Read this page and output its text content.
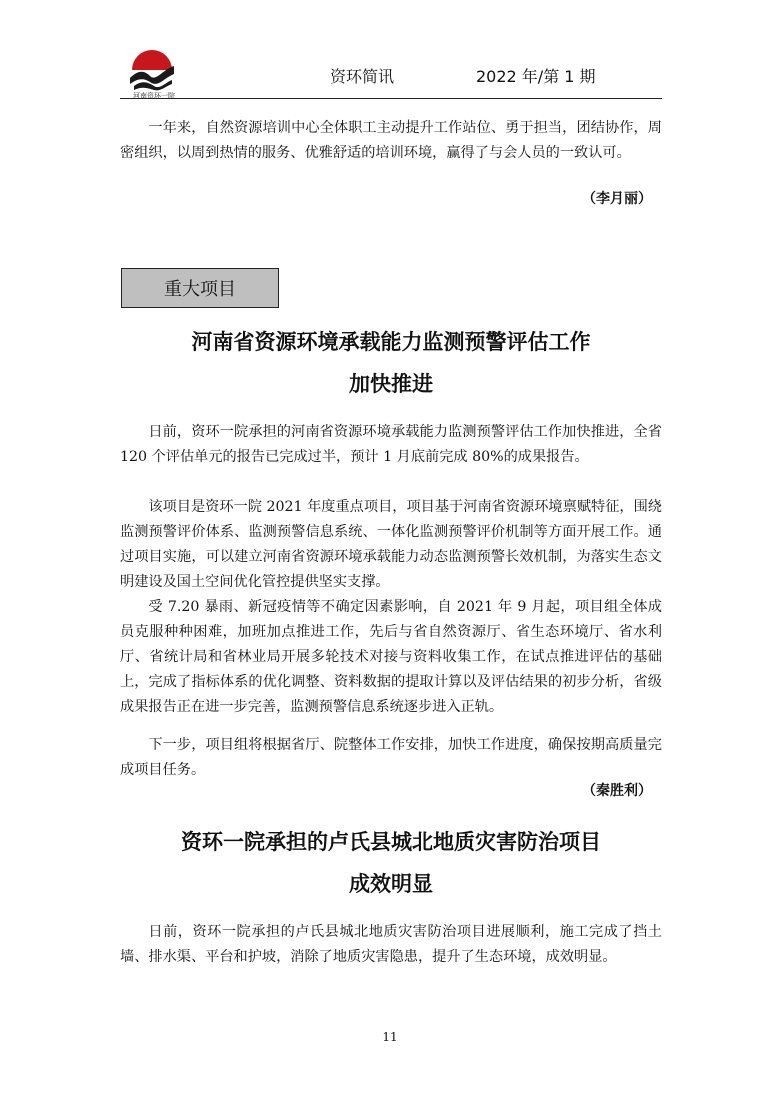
河南资环一院
资环简讯	2022 年/第 1 期

一年来，自然资源培训中心全体职工主动提升工作站位、勇于担当，团结协作，周密组织，以周到热情的服务、优雅舒适的培训环境，赢得了与会人员的一致认可。

（李月丽）
重大项目
河南省资源环境承载能力监测预警评估工作
加快推进

日前，资环一院承担的河南省资源环境承载能力监测预警评估工作加快推进，全省 120 个评估单元的报告已完成过半，预计 1 月底前完成 80%的成果报告。

该项目是资环一院 2021 年度重点项目，项目基于河南省资源环境禀赋特征，围绕监测预警评价体系、监测预警信息系统、一体化监测预警评价机制等方面开展工作。通过项目实施，可以建立河南省资源环境承载能力动态监测预警长效机制，为落实生态文明建设及国土空间优化管控提供坚实支撑。

受 7.20 暴雨、新冠疫情等不确定因素影响，自 2021 年 9 月起，项目组全体成员克服种种困难，加班加点推进工作，先后与省自然资源厅、省生态环境厅、省水利厅、省统计局和省林业局开展多轮技术对接与资料收集工作，在试点推进评估的基础上，完成了指标体系的优化调整、资料数据的提取计算以及评估结果的初步分析，省级成果报告正在进一步完善，监测预警信息系统逐步进入正轨。

下一步，项目组将根据省厅、院整体工作安排，加快工作进度，确保按期高质量完成项目任务。

（秦胜利）
资环一院承担的卢氏县城北地质灾害防治项目
成效明显

日前，资环一院承担的卢氏县城北地质灾害防治项目进展顺利，施工完成了挡土墙、排水渠、平台和护坡，消除了地质灾害隐患，提升了生态环境，成效明显。

11
